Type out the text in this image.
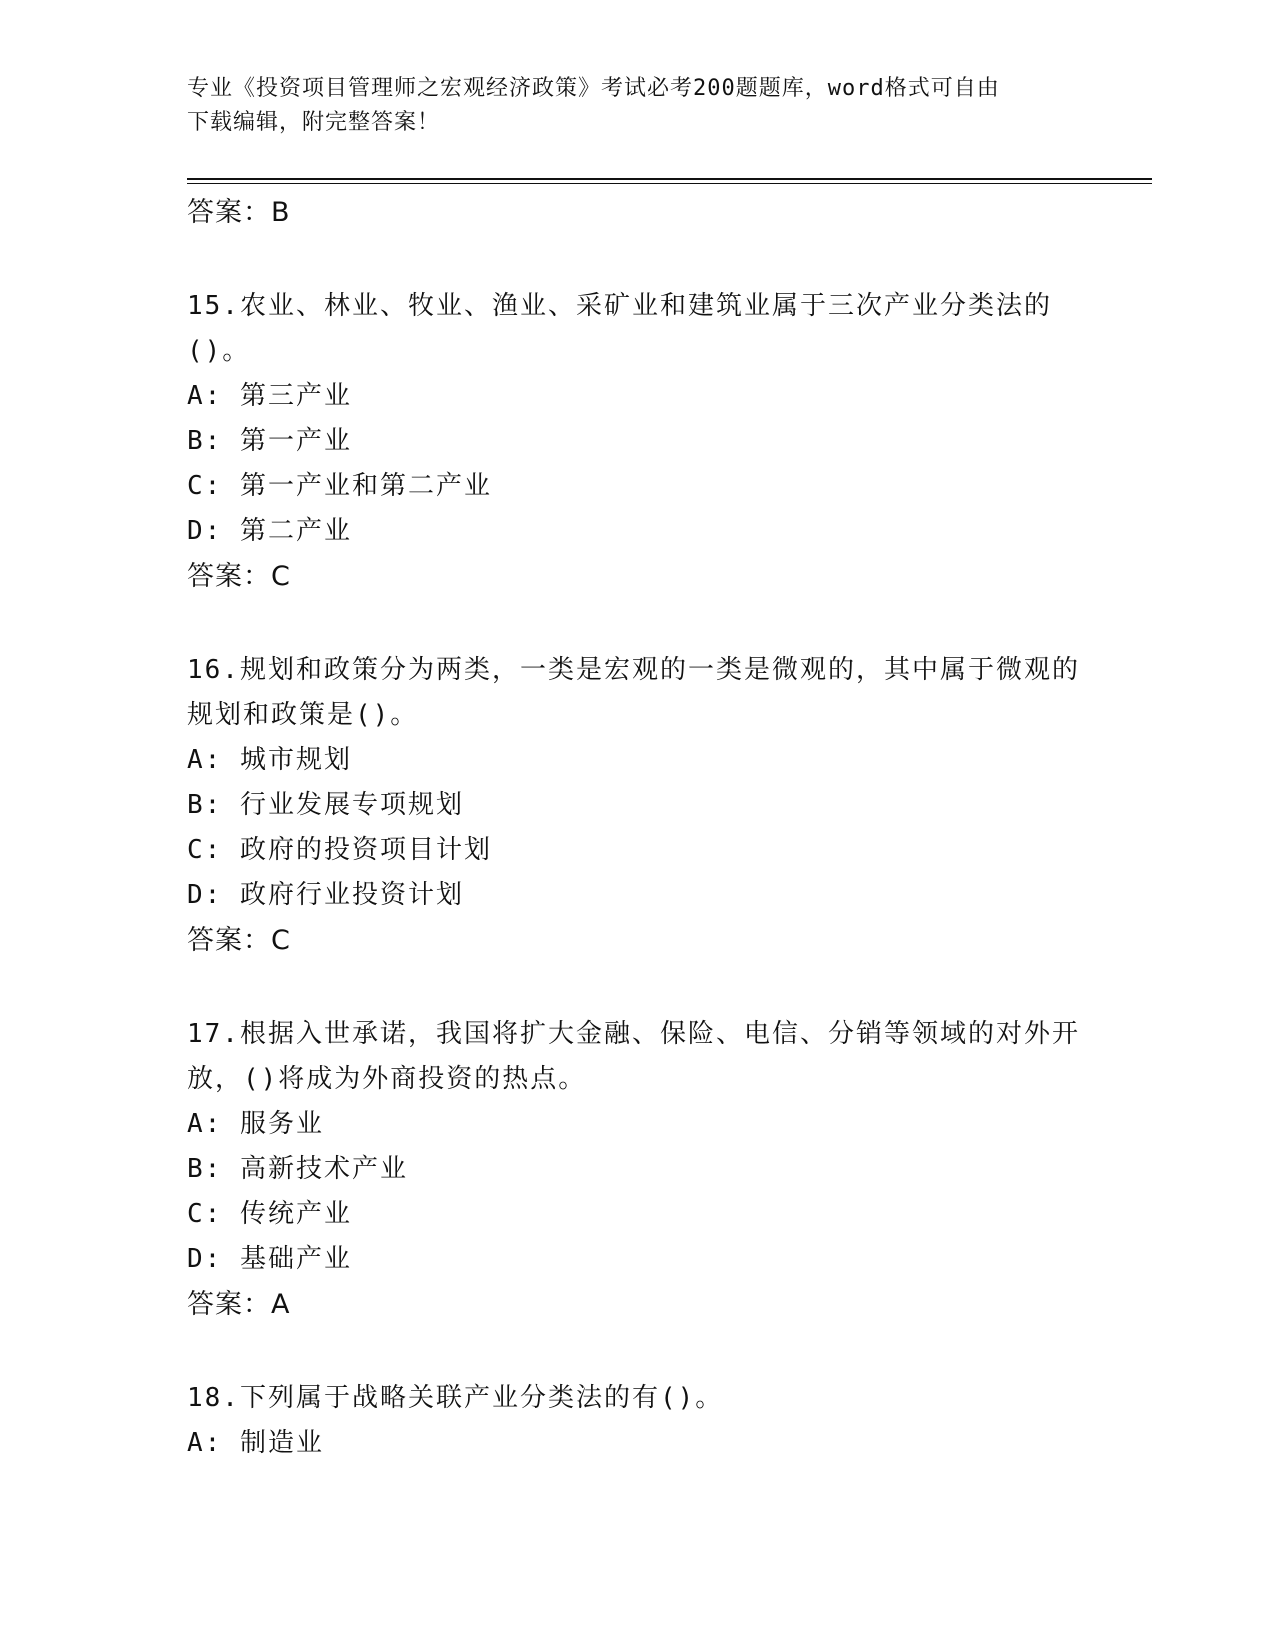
专业《投资项目管理师之宏观经济政策》考试必考200题题库，word格式可自由
下载编辑，附完整答案！
答案：B
15.农业、林业、牧业、渔业、采矿业和建筑业属于三次产业分类法的()。
A: 第三产业
B: 第一产业
C: 第一产业和第二产业
D: 第二产业
答案：C
16.规划和政策分为两类，一类是宏观的一类是微观的，其中属于微观的规划和政策是()。
A: 城市规划
B: 行业发展专项规划
C: 政府的投资项目计划
D: 政府行业投资计划
答案：C
17.根据入世承诺，我国将扩大金融、保险、电信、分销等领域的对外开放，()将成为外商投资的热点。
A: 服务业
B: 高新技术产业
C: 传统产业
D: 基础产业
答案：A
18.下列属于战略关联产业分类法的有()。
A: 制造业
